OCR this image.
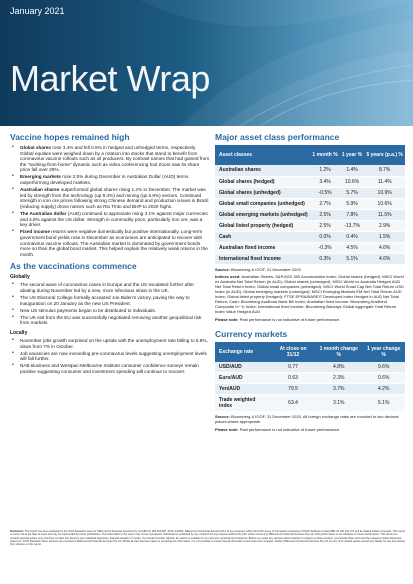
January 2021
Market Wrap
Vaccine hopes remained high
• Global shares rose 3.4% and fell 0.5% in hedged and unhedged terms, respectively. Global equities were weighed down by a rotation into stocks that stand to benefit from coronavirus vaccine rollouts such as oil producers. By contrast names that had gained from the "working-from-home" dynamic such as video conferencing tool Zoom saw its share price fall over 29%.
• Emerging markets rose 2.5% during December in Australian Dollar (AUD) terms outperforming developed markets.
• Australian shares outperformed global shares rising 1.2% in December. The market was led by strength from the technology (up 9.4%) and mining (up 6.8%) sectors. Continued strength in iron ore prices following strong Chinese demand and production issues in Brazil (reducing supply) drove names such as Rio Tinto and BHP to 2020 highs.
• The Australian dollar (AUD) continued to appreciate rising 3.1% against major currencies and 4.8% against the US dollar. Strength in commodity price, particularly iron ore, was a key driver.
• Fixed income returns were negative domestically but positive internationally. Long-term government bond yields rose in December as economies are anticipated to recover with coronavirus vaccine rollouts. The Australian market is dominated by government bonds more so than the global bond market. This helped explain the relatively weak returns in the month.
As the vaccinations commence
Globally
• The second wave of coronavirus cases in Europe and the US escalated further after abating during November led by a new, more infectious strain in the UK.
• The US Electoral College formally accepted Joe Biden's victory, paving the way to inauguration on 20 January as the new US President.
• New US stimulus payments began to be distributed to individuals.
• The UK exit from the EU was successfully negotiated removing another geopolitical risk from markets.
Locally
• November jobs growth surprised on the upside with the unemployment rate falling to 6.8%, down from 7% in October.
• Job vacancies are now exceeding pre-coronavirus levels suggesting unemployment levels will fall further.
• NAB Business and Westpac-Melbourne Institute consumer confidence surveys remain positive suggesting consumer and investment spending will continue to recover.
Major asset class performance
Asset classes	1 month %	1 year %	5 years (p.a.) %
Australian shares	1.2%	1.4%	8.7%
Global shares (hedged)	3.4%	10.6%	11.4%
Global shares (unhedged)	-0.5%	5.7%	10.9%
Global small companies (unhedged)	2.7%	5.9%	10.6%
Global emerging markets (unhedged)	2.5%	7.8%	11.5%
Global listed property (hedged)	2.5%	-13.7%	2.9%
Cash	0.0%	0.4%	1.5%
Australian fixed income	-0.3%	4.5%	4.6%
International fixed income	0.3%	5.1%	4.6%

Source: Bloomberg & IOOF, 31 December 2020

Indices used: Australian Shares: S&P/ASX 300 Accumulation Index; Global shares (hedged): MSCI World ex Australia Net Total Return (in AUD); Global shares (unhedged): MSCI World ex Australia Hedged AUD Net Total Return Index; Global small companies (unhedged): MSCI World Small Cap Net Total Return USD Index (in AUD); Global emerging markets (unhedged): MSCI Emerging Markets EM Net Total Return AUD Index; Global listed property (hedged): FTSE EPRA/NAREIT Developed Index Hedged in AUD Net Total Return; Cash: Bloomberg AusBond Bank Bill Index; Australian fixed income: Bloomberg AusBond Composite 0+ Yr Index; International fixed income: Bloomberg Barclays Global Aggregate Total Return Index Value Hedged AUD

Please note: Past performance is not indicative of future performance.

Currency markets
Exchange rate	At close on 31/12	1 month change %	1 year change %
USD/AUD	0.77	4.8%	9.6%
Euro/AUD	0.63	2.3%	0.6%
Yen/AUD	79.5	3.7%	4.2%
Trade weighted index	63.4	3.1%	5.1%

Source: Bloomberg & IOOF, 31 December 2020. All foreign exchange rates are rounded to two decimal places where appropriate.

Please note: Past performance is not indicative of future performance.

Disclaimer: This report has been prepared by the IOOF Research team for Millennium3 Financial Services Pty Ltd ABN 61 094 529 987, AFSL 244252. Millennium3 Financial Services Pty Ltd is a company within the IOOF group of companies consisting of IOOF Holdings Limited ABN 49 100 103 722 and its related bodies corporate. This report is current as at the date of issue and may be superseded by future publications. The information in the report may not be reproduced, distributed or published by any recipient for any purpose without the prior written consent of Millennium3 Financial Services Pty Ltd. Past performance is not indicative of future performance. This document contains general advice only and does not take into account your individual objectives, financial situation or needs. You should consider whether the advice is suitable for you and your personal circumstances. Before you make any decision about whether to acquire a certain product, you should obtain and read the relevant product disclosure statement. IOOF Research Team services are provided to Millennium3 Financial Services Pty Ltd. Whilst all care has been taken in compiling this information, it is not possible to ensure that all information is accurate and complete. Neither Millennium3 Financial Services Pty Ltd nor any of its related parties accept any liability for any loss arising from reliance on this report.
